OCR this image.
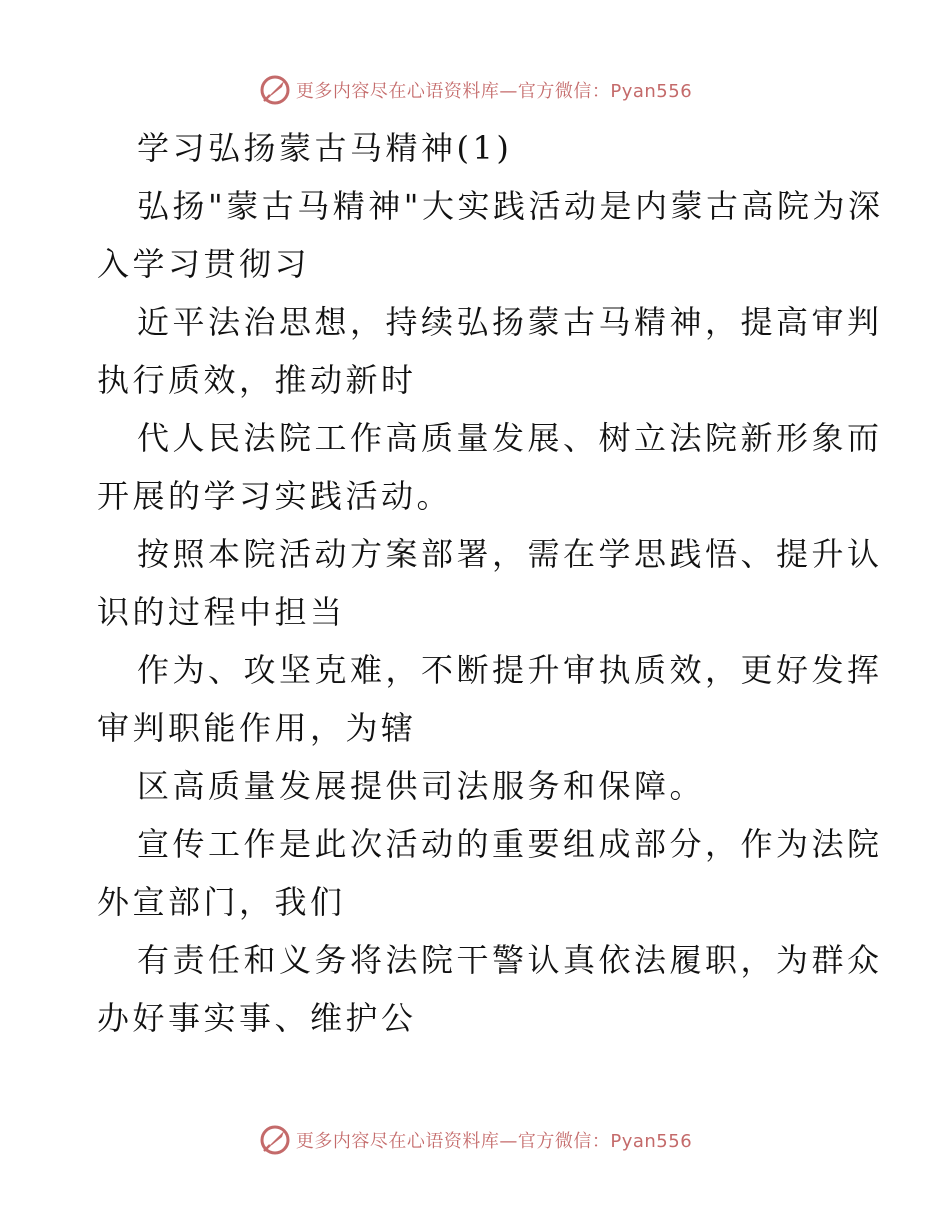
更多内容尽在心语资料库—官方微信：Pyan556
学习弘扬蒙古马精神(1)
弘扬"蒙古马精神"大实践活动是内蒙古高院为深
入学习贯彻习
近平法治思想，持续弘扬蒙古马精神，提高审判
执行质效，推动新时
代人民法院工作高质量发展、树立法院新形象而
开展的学习实践活动。
按照本院活动方案部署，需在学思践悟、提升认
识的过程中担当
作为、攻坚克难，不断提升审执质效，更好发挥
审判职能作用，为辖
区高质量发展提供司法服务和保障。
宣传工作是此次活动的重要组成部分，作为法院
外宣部门，我们
有责任和义务将法院干警认真依法履职，为群众
办好事实事、维护公
更多内容尽在心语资料库—官方微信：Pyan556
